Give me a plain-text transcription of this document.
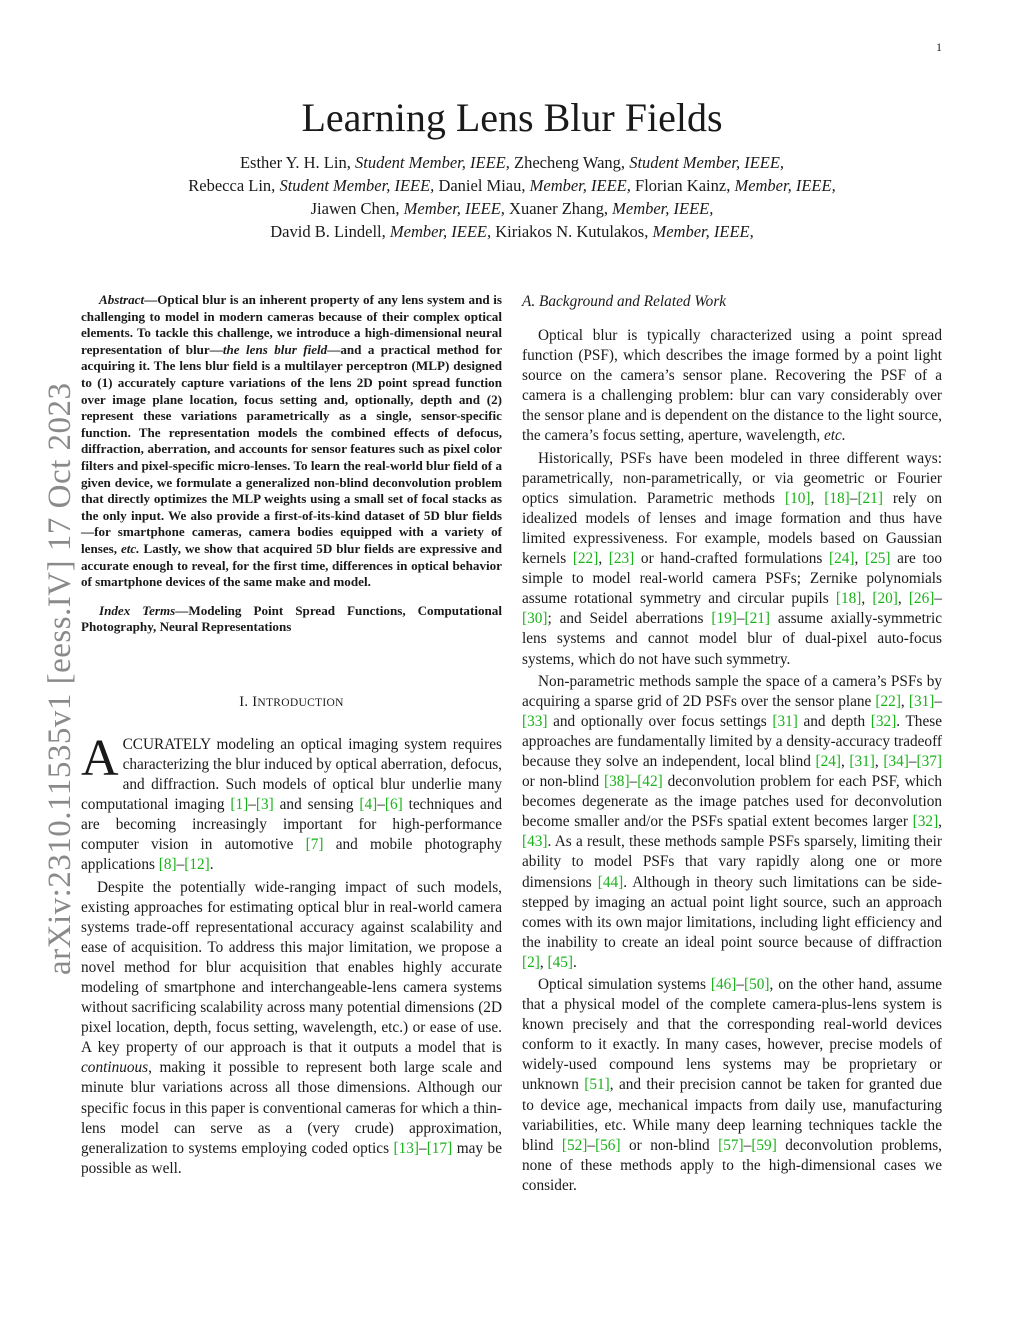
1
arXiv:2310.11535v1 [eess.IV] 17 Oct 2023
Learning Lens Blur Fields
Esther Y. H. Lin, Student Member, IEEE, Zhecheng Wang, Student Member, IEEE,
Rebecca Lin, Student Member, IEEE, Daniel Miau, Member, IEEE, Florian Kainz, Member, IEEE,
Jiawen Chen, Member, IEEE, Xuaner Zhang, Member, IEEE,
David B. Lindell, Member, IEEE, Kiriakos N. Kutulakos, Member, IEEE,

Abstract—Optical blur is an inherent property of any lens system and is challenging to model in modern cameras because of their complex optical elements. To tackle this challenge, we introduce a high-dimensional neural representation of blur—the lens blur field—and a practical method for acquiring it. The lens blur field is a multilayer perceptron (MLP) designed to (1) accurately capture variations of the lens 2D point spread function over image plane location, focus setting and, optionally, depth and (2) represent these variations parametrically as a single, sensor-specific function. The representation models the combined effects of defocus, diffraction, aberration, and accounts for sensor features such as pixel color filters and pixel-specific micro-lenses. To learn the real-world blur field of a given device, we formulate a generalized non-blind deconvolution problem that directly optimizes the MLP weights using a small set of focal stacks as the only input. We also provide a first-of-its-kind dataset of 5D blur fields—for smartphone cameras, camera bodies equipped with a variety of lenses, etc. Lastly, we show that acquired 5D blur fields are expressive and accurate enough to reveal, for the first time, differences in optical behavior of smartphone devices of the same make and model.

Index Terms—Modeling Point Spread Functions, Computational Photography, Neural Representations

I. INTRODUCTION

ACCURATELY modeling an optical imaging system requires characterizing the blur induced by optical aberration, defocus, and diffraction. Such models of optical blur underlie many computational imaging [1]–[3] and sensing [4]–[6] techniques and are becoming increasingly important for high-performance computer vision in automotive [7] and mobile photography applications [8]–[12].

Despite the potentially wide-ranging impact of such models, existing approaches for estimating optical blur in real-world camera systems trade-off representational accuracy against scalability and ease of acquisition. To address this major limitation, we propose a novel method for blur acquisition that enables highly accurate modeling of smartphone and interchangeable-lens camera systems without sacrificing scalability across many potential dimensions (2D pixel location, depth, focus setting, wavelength, etc.) or ease of use. A key property of our approach is that it outputs a model that is continuous, making it possible to represent both large scale and minute blur variations across all those dimensions. Although our specific focus in this paper is conventional cameras for which a thin-lens model can serve as a (very crude) approximation, generalization to systems employing coded optics [13]–[17] may be possible as well.

A. Background and Related Work

Optical blur is typically characterized using a point spread function (PSF), which describes the image formed by a point light source on the camera’s sensor plane. Recovering the PSF of a camera is a challenging problem: blur can vary considerably over the sensor plane and is dependent on the distance to the light source, the camera’s focus setting, aperture, wavelength, etc.

Historically, PSFs have been modeled in three different ways: parametrically, non-parametrically, or via geometric or Fourier optics simulation. Parametric methods [10], [18]–[21] rely on idealized models of lenses and image formation and thus have limited expressiveness. For example, models based on Gaussian kernels [22], [23] or hand-crafted formulations [24], [25] are too simple to model real-world camera PSFs; Zernike polynomials assume rotational symmetry and circular pupils [18], [20], [26]–[30]; and Seidel aberrations [19]–[21] assume axially-symmetric lens systems and cannot model blur of dual-pixel auto-focus systems, which do not have such symmetry.

Non-parametric methods sample the space of a camera’s PSFs by acquiring a sparse grid of 2D PSFs over the sensor plane [22], [31]–[33] and optionally over focus settings [31] and depth [32]. These approaches are fundamentally limited by a density-accuracy tradeoff because they solve an independent, local blind [24], [31], [34]–[37] or non-blind [38]–[42] deconvolution problem for each PSF, which becomes degenerate as the image patches used for deconvolution become smaller and/or the PSFs spatial extent becomes larger [32], [43]. As a result, these methods sample PSFs sparsely, limiting their ability to model PSFs that vary rapidly along one or more dimensions [44]. Although in theory such limitations can be side-stepped by imaging an actual point light source, such an approach comes with its own major limitations, including light efficiency and the inability to create an ideal point source because of diffraction [2], [45].

Optical simulation systems [46]–[50], on the other hand, assume that a physical model of the complete camera-plus-lens system is known precisely and that the corresponding real-world devices conform to it exactly. In many cases, however, precise models of widely-used compound lens systems may be proprietary or unknown [51], and their precision cannot be taken for granted due to device age, mechanical impacts from daily use, manufacturing variabilities, etc. While many deep learning techniques tackle the blind [52]–[56] or non-blind [57]–[59] deconvolution problems, none of these methods apply to the high-dimensional cases we consider.
